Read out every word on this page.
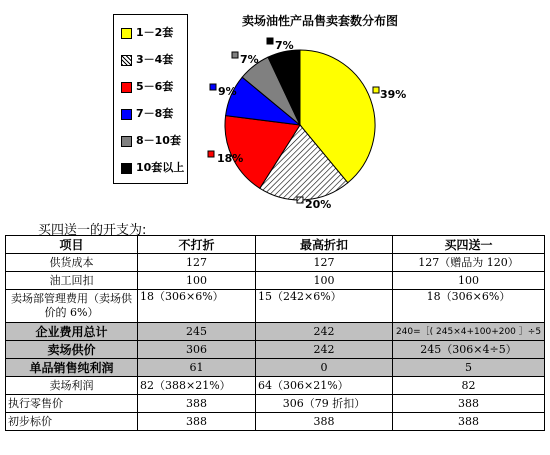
卖场油性产品售卖套数分布图
39%
20%
18%
9%
7%
7%
1－2套
3－4套
5－6套
7－8套
8－10套
10套以上
买四送一的开支为:
项目	不打折	最高折扣	买四送一
供货成本	127	127	127（赠品为 120）
油工回扣	100	100	100
卖场部管理费用（卖场供价的 6%）	18（306×6%）	15（242×6%）	18（306×6%）
企业费用总计	245	242	240=［( 245×4+100+200 ］÷5
卖场供价	306	242	245（306×4÷5）
单品销售纯利润	61	0	5
卖场利润	82（388×21%）	64（306×21%）	82
执行零售价	388	306（79 折扣）	388
初步标价	388	388	388
